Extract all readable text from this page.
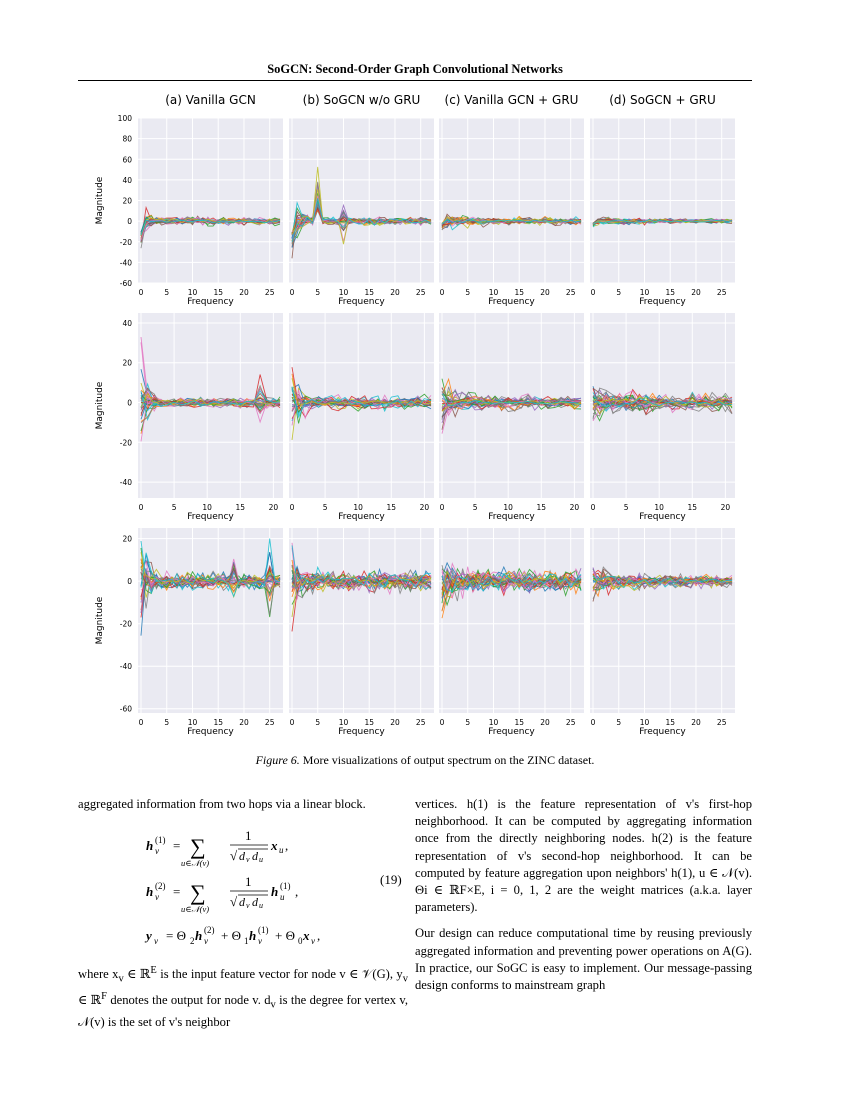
SoGCN: Second-Order Graph Convolutional Networks
(a) Vanilla GCN	(b) SoGCN w/o GRU (c) Vanilla GCN + GRU	(d) SoGCN + GRU
0	5 10 15 20 25
Frequency
-60
-40
-20
0
20
40
60
80
100
Magnitude
0	5 10 15 20 25
Frequency
0	5 10 15 20 25
Frequency
0	5 10 15 20 25
Frequency
0	5	10	15	20
Frequency
-40
-20
0
20
40
Magnitude
0	5	10	15	20
Frequency
0	5	10	15	20
Frequency
0	5	10	15	20
Frequency
0	5 10 15 20 25
Frequency
-60
-40
-20
0
20
Magnitude
0	5 10 15 20 25
Frequency
0	5 10 15 20 25
Frequency
0	5 10 15 20 25
Frequency
Figure 6. More visualizations of output spectrum on the ZINC dataset.

aggregated information from two hops via a linear block.

h v
(1) = ∑
u∈𝒩(v)
1
√ d v d u
x u ,
h v
(2) = ∑
u∈𝒩(v)
1
√ d v d u
h u
(1) ,
(19)
y v = Θ 2 h v
(2) + Θ 1 h v
(1) + Θ 0 x v ,

where $x_v$ ∈ ℝ$^E$ is the input feature vector for node v ∈ 𝒱(G), $y_v$ ∈ ℝ$^F$ denotes the output for node v. $d_v$ is the degree for vertex v, 𝒩(v) is the set of v's neighbor

vertices. h(1) is the feature representation of v's first-hop neighborhood. It can be computed by aggregating information once from the directly neighboring nodes. h(2) is the feature representation of v's second-hop neighborhood. It can be computed by feature aggregation upon neighbors' h(1), u ∈ 𝒩(v). Θi ∈ ℝF×E, i = 0, 1, 2 are the weight matrices (a.k.a. layer parameters).

Our design can reduce computational time by reusing previously aggregated information and preventing power operations on A(G). In practice, our SoGC is easy to implement. Our message-passing design conforms to mainstream graph
